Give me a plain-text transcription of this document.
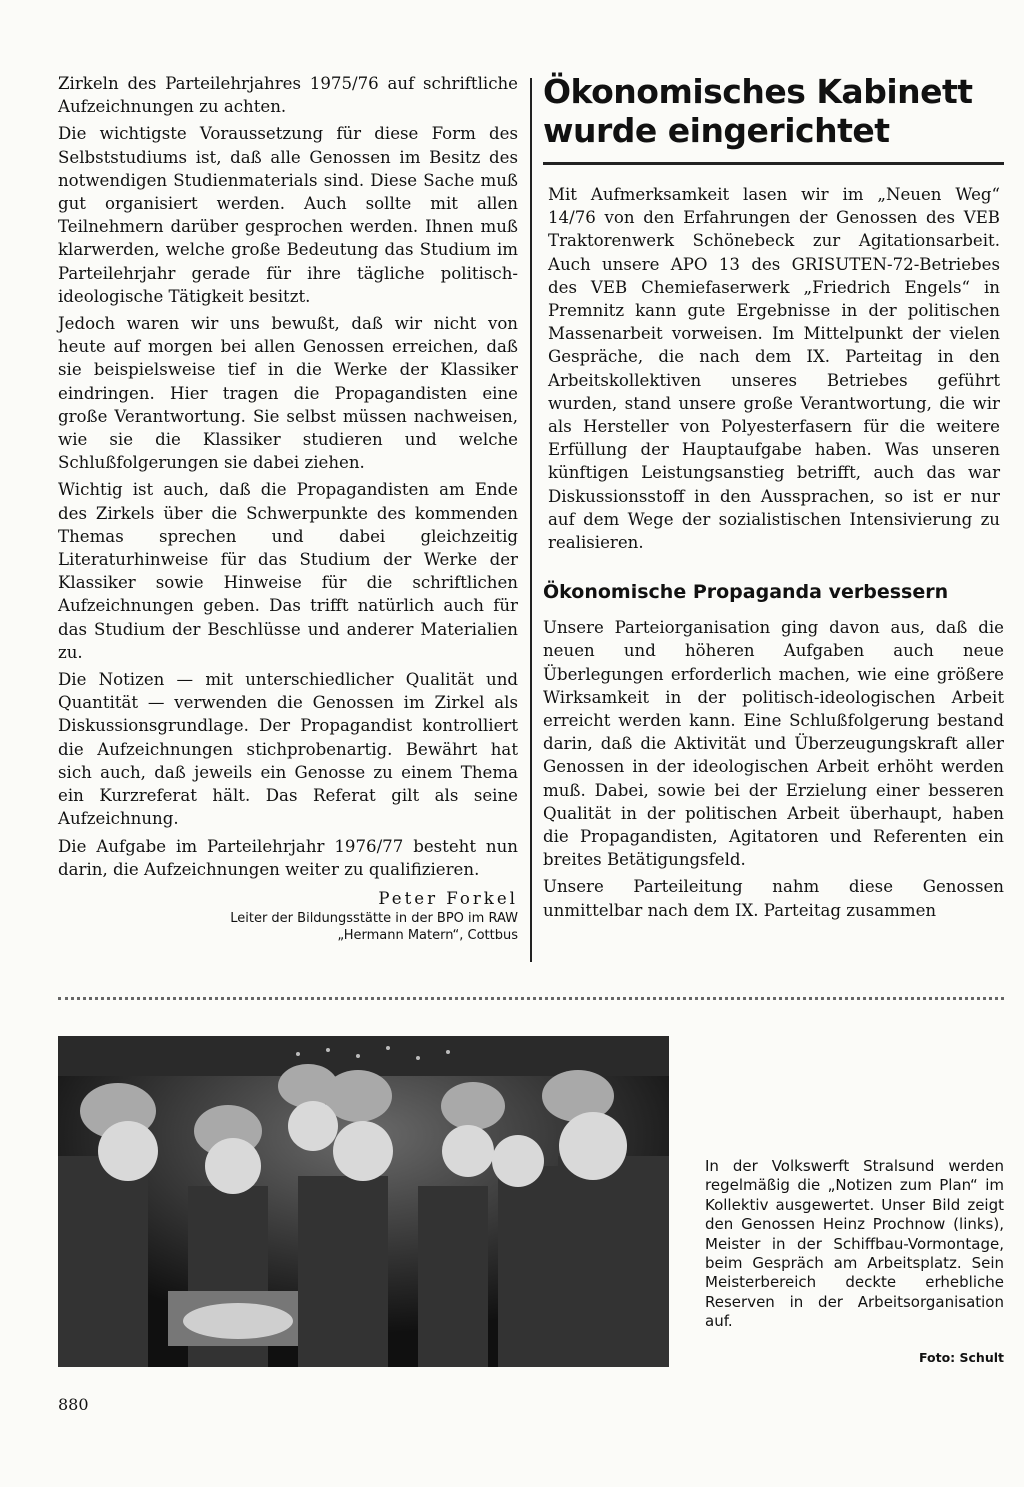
Zirkeln des Parteilehrjahres 1975/76 auf schriftliche Aufzeichnungen zu achten.

Die wichtigste Voraussetzung für diese Form des Selbststudiums ist, daß alle Genossen im Besitz des notwendigen Studienmaterials sind. Diese Sache muß gut organisiert werden. Auch sollte mit allen Teilnehmern darüber gesprochen werden. Ihnen muß klarwerden, welche große Bedeutung das Studium im Parteilehrjahr gerade für ihre tägliche politisch-ideologische Tätigkeit besitzt.

Jedoch waren wir uns bewußt, daß wir nicht von heute auf morgen bei allen Genossen erreichen, daß sie beispielsweise tief in die Werke der Klassiker eindringen. Hier tragen die Propagandisten eine große Verantwortung. Sie selbst müssen nachweisen, wie sie die Klassiker studieren und welche Schlußfolgerungen sie dabei ziehen.

Wichtig ist auch, daß die Propagandisten am Ende des Zirkels über die Schwerpunkte des kommenden Themas sprechen und dabei gleichzeitig Literaturhinweise für das Studium der Werke der Klassiker sowie Hinweise für die schriftlichen Aufzeichnungen geben. Das trifft natürlich auch für das Studium der Beschlüsse und anderer Materialien zu.

Die Notizen — mit unterschiedlicher Qualität und Quantität — verwenden die Genossen im Zirkel als Diskussionsgrundlage. Der Propagandist kontrolliert die Aufzeichnungen stichprobenartig. Bewährt hat sich auch, daß jeweils ein Genosse zu einem Thema ein Kurzreferat hält. Das Referat gilt als seine Aufzeichnung.

Die Aufgabe im Parteilehrjahr 1976/77 besteht nun darin, die Aufzeichnungen weiter zu qualifizieren.

Peter Forkel
Leiter der Bildungsstätte in der BPO im RAW
„Hermann Matern“, Cottbus
Ökonomisches Kabinett
wurde eingerichtet

Mit Aufmerksamkeit lasen wir im „Neuen Weg“ 14/76 von den Erfahrungen der Genossen des VEB Traktorenwerk Schönebeck zur Agitationsarbeit. Auch unsere APO 13 des GRISUTEN-72-Betriebes des VEB Chemiefaserwerk „Friedrich Engels“ in Premnitz kann gute Ergebnisse in der politischen Massenarbeit vorweisen. Im Mittelpunkt der vielen Gespräche, die nach dem IX. Parteitag in den Arbeitskollektiven unseres Betriebes geführt wurden, stand unsere große Verantwortung, die wir als Hersteller von Polyesterfasern für die weitere Erfüllung der Hauptaufgabe haben. Was unseren künftigen Leistungsanstieg betrifft, auch das war Diskussionsstoff in den Aussprachen, so ist er nur auf dem Wege der sozialistischen Intensivierung zu realisieren.

Ökonomische Propaganda verbessern

Unsere Parteiorganisation ging davon aus, daß die neuen und höheren Aufgaben auch neue Überlegungen erforderlich machen, wie eine größere Wirksamkeit in der politisch-ideologischen Arbeit erreicht werden kann. Eine Schlußfolgerung bestand darin, daß die Aktivität und Überzeugungskraft aller Genossen in der ideologischen Arbeit erhöht werden muß. Dabei, sowie bei der Erzielung einer besseren Qualität in der politischen Arbeit überhaupt, haben die Propagandisten, Agitatoren und Referenten ein breites Betätigungsfeld.

Unsere Parteileitung nahm diese Genossen unmittelbar nach dem IX. Parteitag zusammen

In der Volkswerft Stralsund werden regelmäßig die „Notizen zum Plan“ im Kollektiv ausgewertet. Unser Bild zeigt den Genossen Heinz Prochnow (links), Meister in der Schiffbau-Vormontage, beim Gespräch am Arbeitsplatz. Sein Meisterbereich deckte erhebliche Reserven in der Arbeitsorganisation auf.
Foto: Schult
880
